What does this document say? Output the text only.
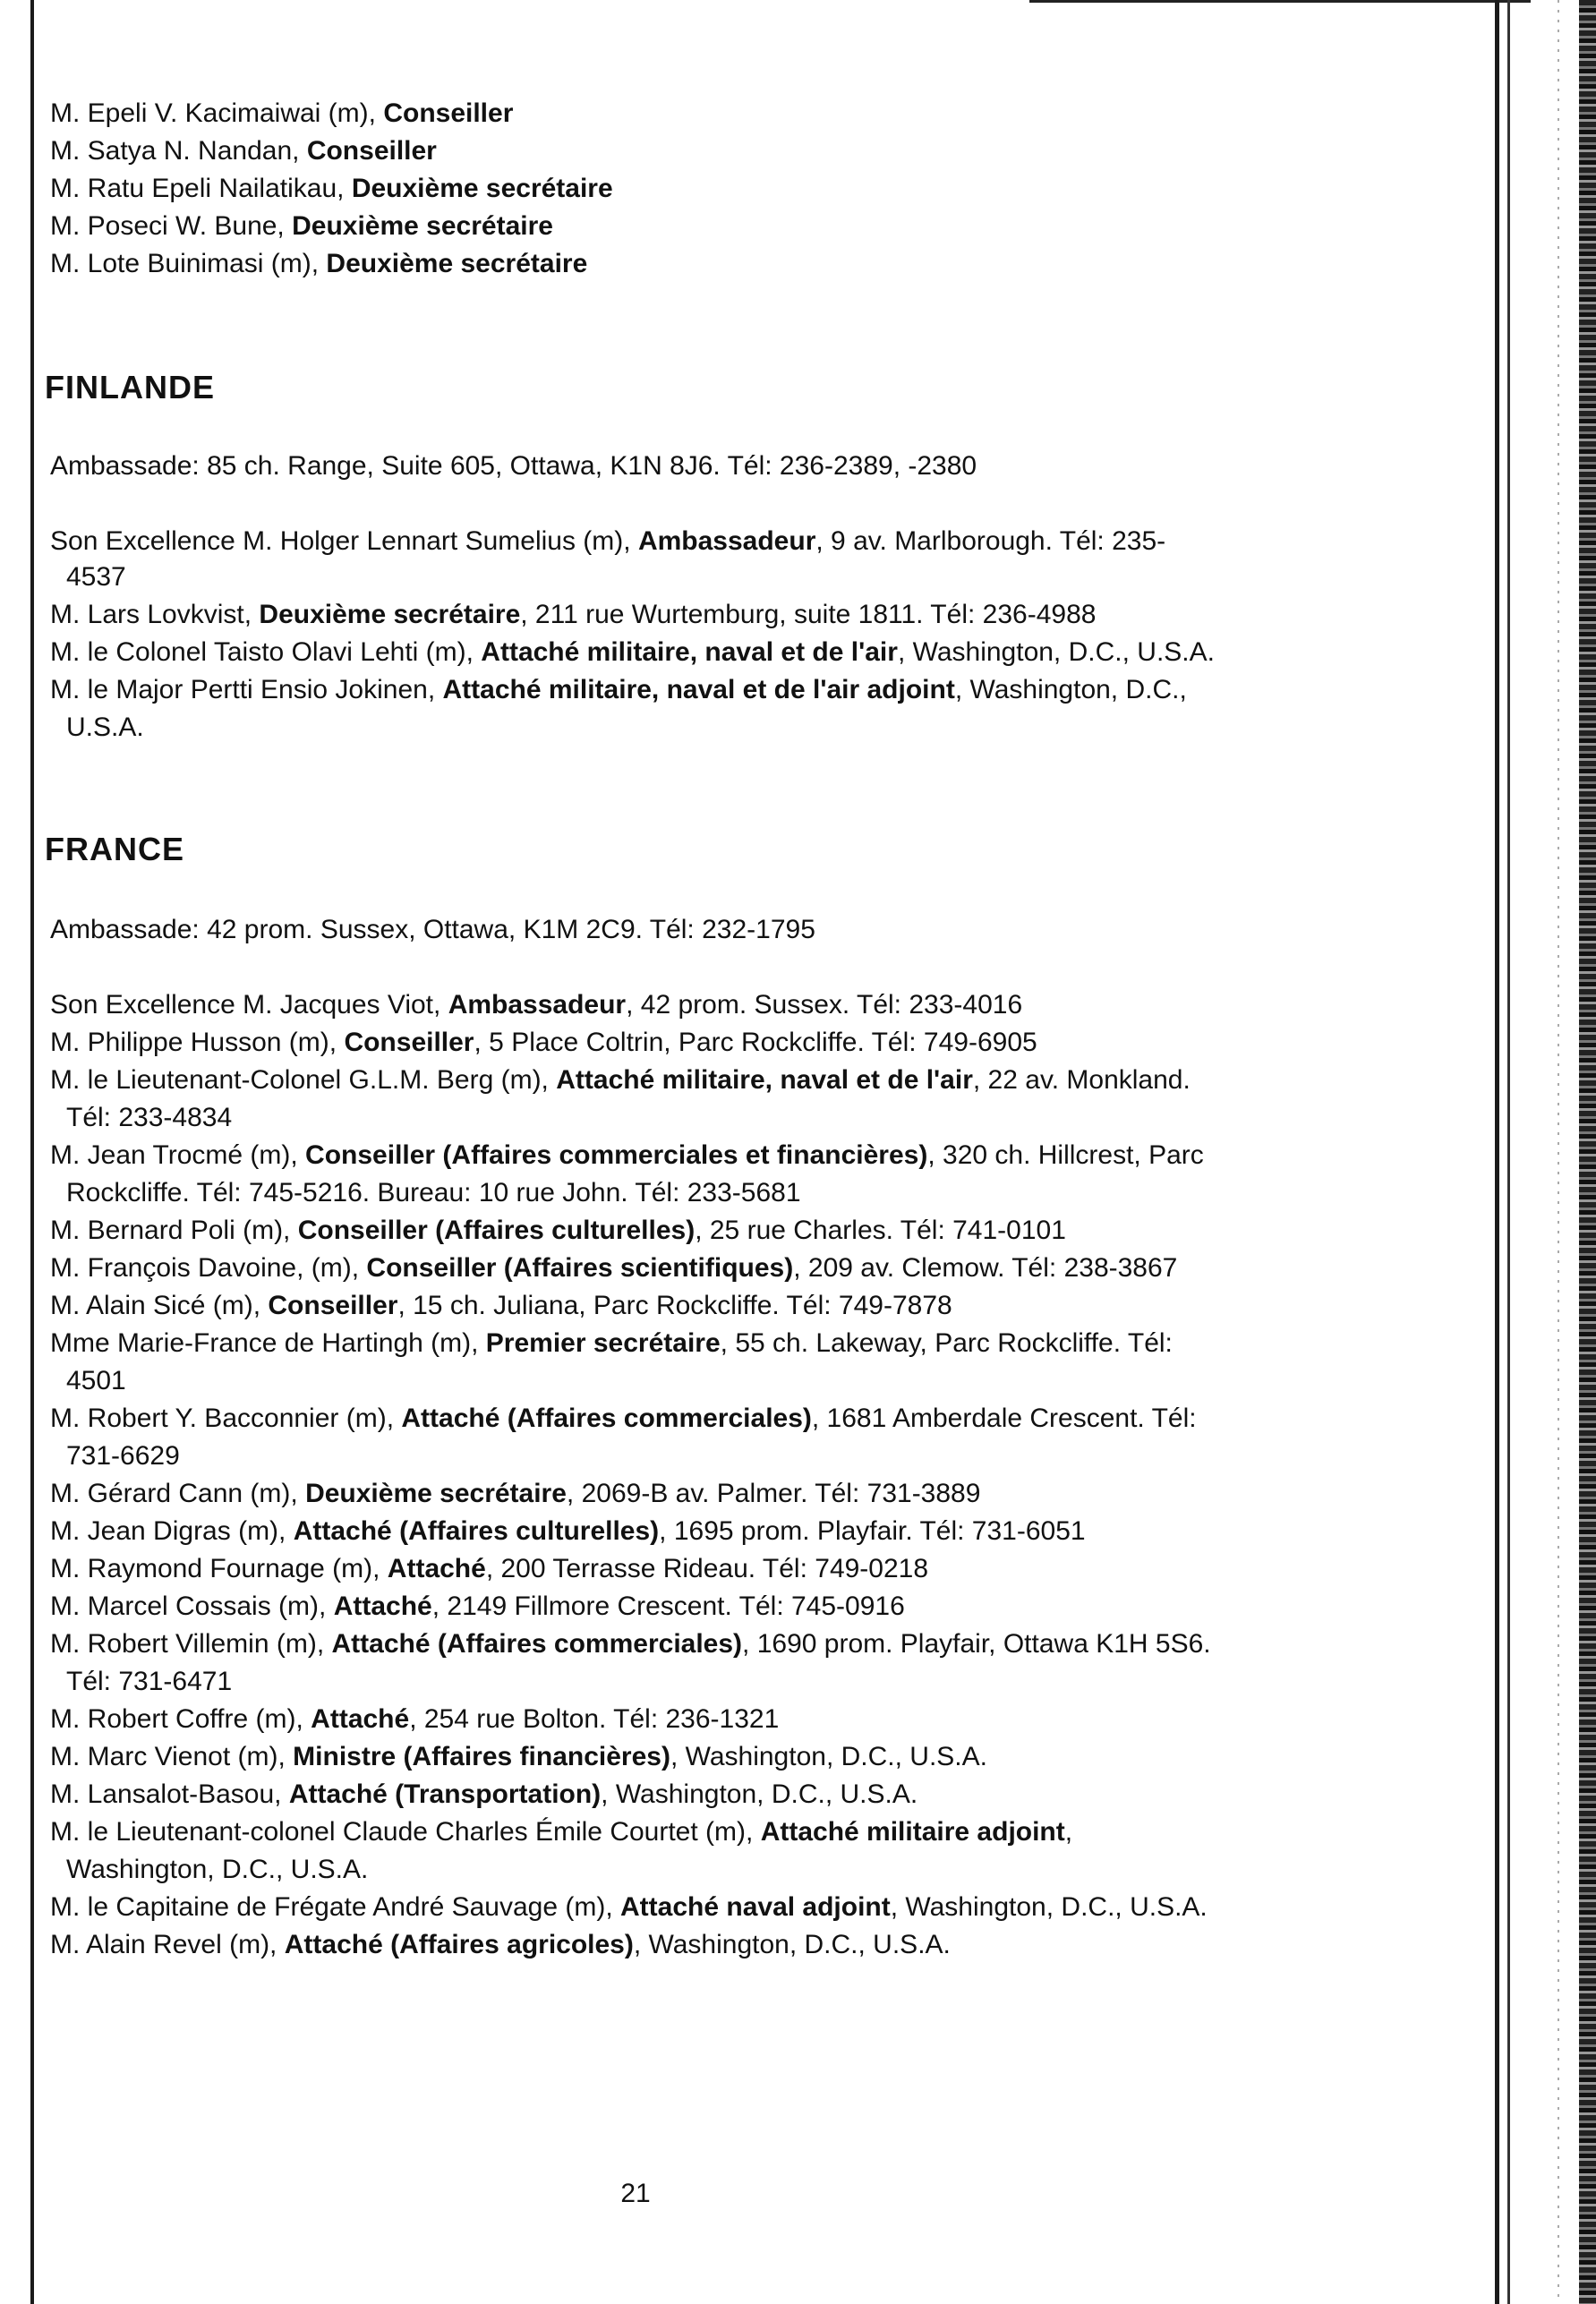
M. Epeli V. Kacimaiwai (m), Conseiller
M. Satya N. Nandan, Conseiller
M. Ratu Epeli Nailatikau, Deuxième secrétaire
M. Poseci W. Bune, Deuxième secrétaire
M. Lote Buinimasi (m), Deuxième secrétaire
FINLANDE
Ambassade: 85 ch. Range, Suite 605, Ottawa, K1N 8J6. Tél: 236-2389, -2380
Son Excellence M. Holger Lennart Sumelius (m), Ambassadeur, 9 av. Marlborough. Tél: 235-
4537
M. Lars Lovkvist, Deuxième secrétaire, 211 rue Wurtemburg, suite 1811. Tél: 236-4988
M. le Colonel Taisto Olavi Lehti (m), Attaché militaire, naval et de l'air, Washington, D.C., U.S.A.
M. le Major Pertti Ensio Jokinen, Attaché militaire, naval et de l'air adjoint, Washington, D.C.,
U.S.A.
FRANCE
Ambassade: 42 prom. Sussex, Ottawa, K1M 2C9. Tél: 232-1795
Son Excellence M. Jacques Viot, Ambassadeur, 42 prom. Sussex. Tél: 233-4016
M. Philippe Husson (m), Conseiller, 5 Place Coltrin, Parc Rockcliffe. Tél: 749-6905
M. le Lieutenant-Colonel G.L.M. Berg (m), Attaché militaire, naval et de l'air, 22 av. Monkland.
Tél: 233-4834
M. Jean Trocmé (m), Conseiller (Affaires commerciales et financières), 320 ch. Hillcrest, Parc
Rockcliffe. Tél: 745-5216. Bureau: 10 rue John. Tél: 233-5681
M. Bernard Poli (m), Conseiller (Affaires culturelles), 25 rue Charles. Tél: 741-0101
M. François Davoine, (m), Conseiller (Affaires scientifiques), 209 av. Clemow. Tél: 238-3867
M. Alain Sicé (m), Conseiller, 15 ch. Juliana, Parc Rockcliffe. Tél: 749-7878
Mme Marie-France de Hartingh (m), Premier secrétaire, 55 ch. Lakeway, Parc Rockcliffe. Tél:
4501
M. Robert Y. Bacconnier (m), Attaché (Affaires commerciales), 1681 Amberdale Crescent. Tél:
731-6629
M. Gérard Cann (m), Deuxième secrétaire, 2069-B av. Palmer. Tél: 731-3889
M. Jean Digras (m), Attaché (Affaires culturelles), 1695 prom. Playfair. Tél: 731-6051
M. Raymond Fournage (m), Attaché, 200 Terrasse Rideau. Tél: 749-0218
M. Marcel Cossais (m), Attaché, 2149 Fillmore Crescent. Tél: 745-0916
M. Robert Villemin (m), Attaché (Affaires commerciales), 1690 prom. Playfair, Ottawa K1H 5S6.
Tél: 731-6471
M. Robert Coffre (m), Attaché, 254 rue Bolton. Tél: 236-1321
M. Marc Vienot (m), Ministre (Affaires financières), Washington, D.C., U.S.A.
M. Lansalot-Basou, Attaché (Transportation), Washington, D.C., U.S.A.
M. le Lieutenant-colonel Claude Charles Émile Courtet (m), Attaché militaire adjoint,
Washington, D.C., U.S.A.
M. le Capitaine de Frégate André Sauvage (m), Attaché naval adjoint, Washington, D.C., U.S.A.
M. Alain Revel (m), Attaché (Affaires agricoles), Washington, D.C., U.S.A.
21
